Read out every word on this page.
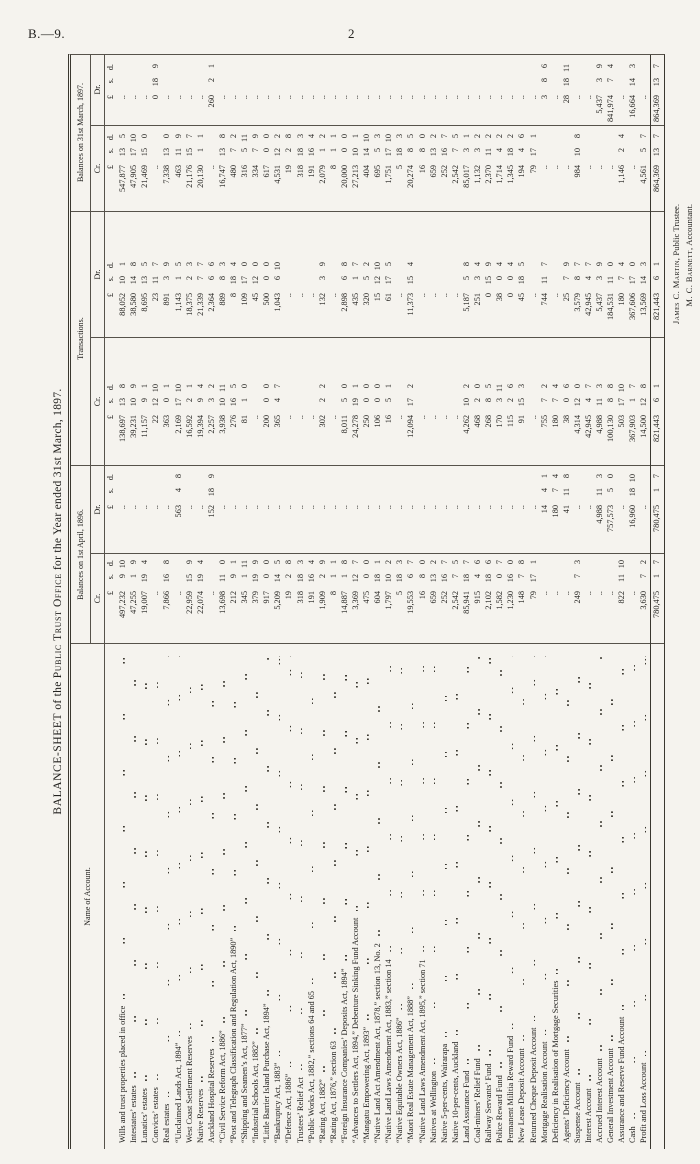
B.—9.	2
BALANCE-SHEET of the Public Trust Office for the Year ended 31st March, 1897.
Name of Account.
Balances on 1st April, 1896.
Transactions.
Balances on 31st March, 1897.
Cr.
Dr.
Cr.
Dr.
Cr.
Dr.
£
s.
d.
£
s.
d.
£
s.
d.
£
s.
d.
£
s.
d.
£
s.
d.
Wills and trust properties placed in office
497,232
9
10
..
138,697
13
8
88,052
10
1
547,877
13
5
..
Intestates’ estates
47,255
1
9
..
39,231
10
9
38,580
14
8
47,905
17
10
..
Lunatics’ estates
19,007
19
4
..
11,157
9
1
8,695
13
5
21,469
15
0
..
Convicts’ estates
..
..
22
12
10
23
11
7
..
0
18
9
Real estates
7,866
16
8
..
363
0
1
891
3
9
7,338
13
0
..
“Unclaimed Lands Act, 1894”
..
563
4
8
2,169
17
10
1,143
1
5
463
11
9
..
West Coast Settlement Reserves
22,959
15
9
..
16,592
2
1
18,375
2
3
21,176
15
7
..
Native Reserves
22,074
19
4
..
19,394
9
4
21,339
7
7
20,130
1
1
..
Auckland Hospital Reserves
..
152
18
9
2,257
3
2
2,364
6
6
..
260
2
1
“Civil Service Reform Act, 1886”
13,698
11
0
..
3,938
10
11
889
8
3
16,747
13
8
..
“Post and Telegraph Classification and Regulation Act, 1890”
212
9
1
..
276
16
5
8
18
4
480
7
2
..
“Shipping and Seamen’s Act, 1877”
345
1
11
..
81
1
0
109
17
0
316
5
11
..
“Industrial Schools Act, 1882”
379
19
9
..
..
45
12
0
334
7
9
..
“Little Barrier Island Purchase Act, 1894”
917
0
0
..
200
0
0
500
0
0
617
0
0
..
“Bankruptcy Act, 1883”
5,209
14
5
..
365
4
7
1,043
6
10
4,531
12
2
..
“Defence Act, 1886”
19
2
8
..
..
..
19
2
8
..
Trustees’ Relief Act
318
18
3
..
..
..
318
18
3
..
“Public Works Act, 1882,” sections 64 and 65
191
16
4
..
..
..
191
16
4
..
“Rating Act, 1882”
1,909
2
9
..
302
2
2
132
3
9
2,079
1
2
..
“Rating Act, 1876,” section 63
8
1
1
..
..
..
8
1
1
..
“Foreign Insurance Companies’ Deposits Act, 1894”
14,887
1
8
..
8,011
5
0
2,898
6
8
20,000
0
0
..
“Advances to Settlers Act, 1894,” Debenture Sinking Fund Account
3,369
12
7
..
24,278
19
1
435
1
7
27,213
10
1
..
“Mangatu Empowering Act, 1893”
475
0
0
..
250
0
0
320
5
2
404
14
10
..
“Native Land Act Amendment Act, 1878,” section 13, No. 2
604
18
1
..
106
0
0
15
12
10
695
5
3
..
“Native Land Laws Amendment Act, 1883,” section 14
1,797
10
2
..
16
5
1
61
17
5
1,751
17
10
..
“Native Equitable Owners Act, 1886”
5
18
3
..
..
..
5
18
3
..
“Maori Real Estate Management Act, 1888”
19,553
6
7
..
12,094
17
2
11,373
15
4
20,274
8
5
..
“Native Land Laws Amendment Act, 1895,” section 71
16
8
0
..
..
..
16
8
0
..
Natives at Wellington
659
13
2
..
..
..
659
13
2
..
Native 5-per-cents, Wairarapa
252
16
7
..
..
..
252
16
7
..
Native 10-per-cents, Auckland
2,542
7
5
..
..
..
2,542
7
5
..
Land Assurance Fund
85,941
18
7
..
4,262
10
2
5,187
5
8
85,017
3
1
..
Coal-miners’ Relief Fund
915
4
6
..
468
2
0
251
3
4
1,132
3
2
..
Railway Servants’ Fund
2,102
18
6
..
268
8
5
0
15
9
2,370
11
2
..
Police Reward Fund
1,582
0
7
..
170
3
11
38
0
4
1,714
4
2
..
Permanent Militia Reward Fund
1,230
16
0
..
115
2
6
0
0
4
1,345
18
2
..
New Lease Deposit Account
148
7
8
..
91
15
3
45
18
5
194
4
6
..
Returned Cheque Deposit Account
79
17
1
..
..
..
79
17
1
..
Mortgage Realisation Account
..
14
4
1
755
7
2
744
11
7
..
3
8
6
Deficiency in Realisation of Mortgage Securities
..
180
7
4
180
7
4
..
..
..
Agents’ Deficiency Account
..
41
11
8
38
0
6
25
7
9
..
28
18
11
Suspense Account
249
7
3
..
4,314
12
0
3,579
8
7
984
10
8
..
Interest Account
..
..
42,945
4
7
42,945
4
7
..
..
Accrued Interest Account
..
4,988
11
3
4,988
11
3
5,437
3
9
..
5,437
3
9
General Investment Account
..
757,573
5
0
100,130
8
8
184,531
11
0
..
841,974
7
4
Assurance and Reserve Fund Account
822
11
10
..
503
17
10
180
7
4
1,146
2
4
..
Cash
..
16,960
18
10
367,903
1
7
367,606
17
0
..
16,664
14
3
Profit and Loss Account
3,630
7
2
..
14,500
12
8
13,569
14
3
4,561
5
7
..
780,475
1
7
780,475
1
7
821,443
6
1
821,443
6
1
864,369
13
7
864,369
13
7
James C. Martin, Public Trustee.
M. C. Barnett, Accountant.
